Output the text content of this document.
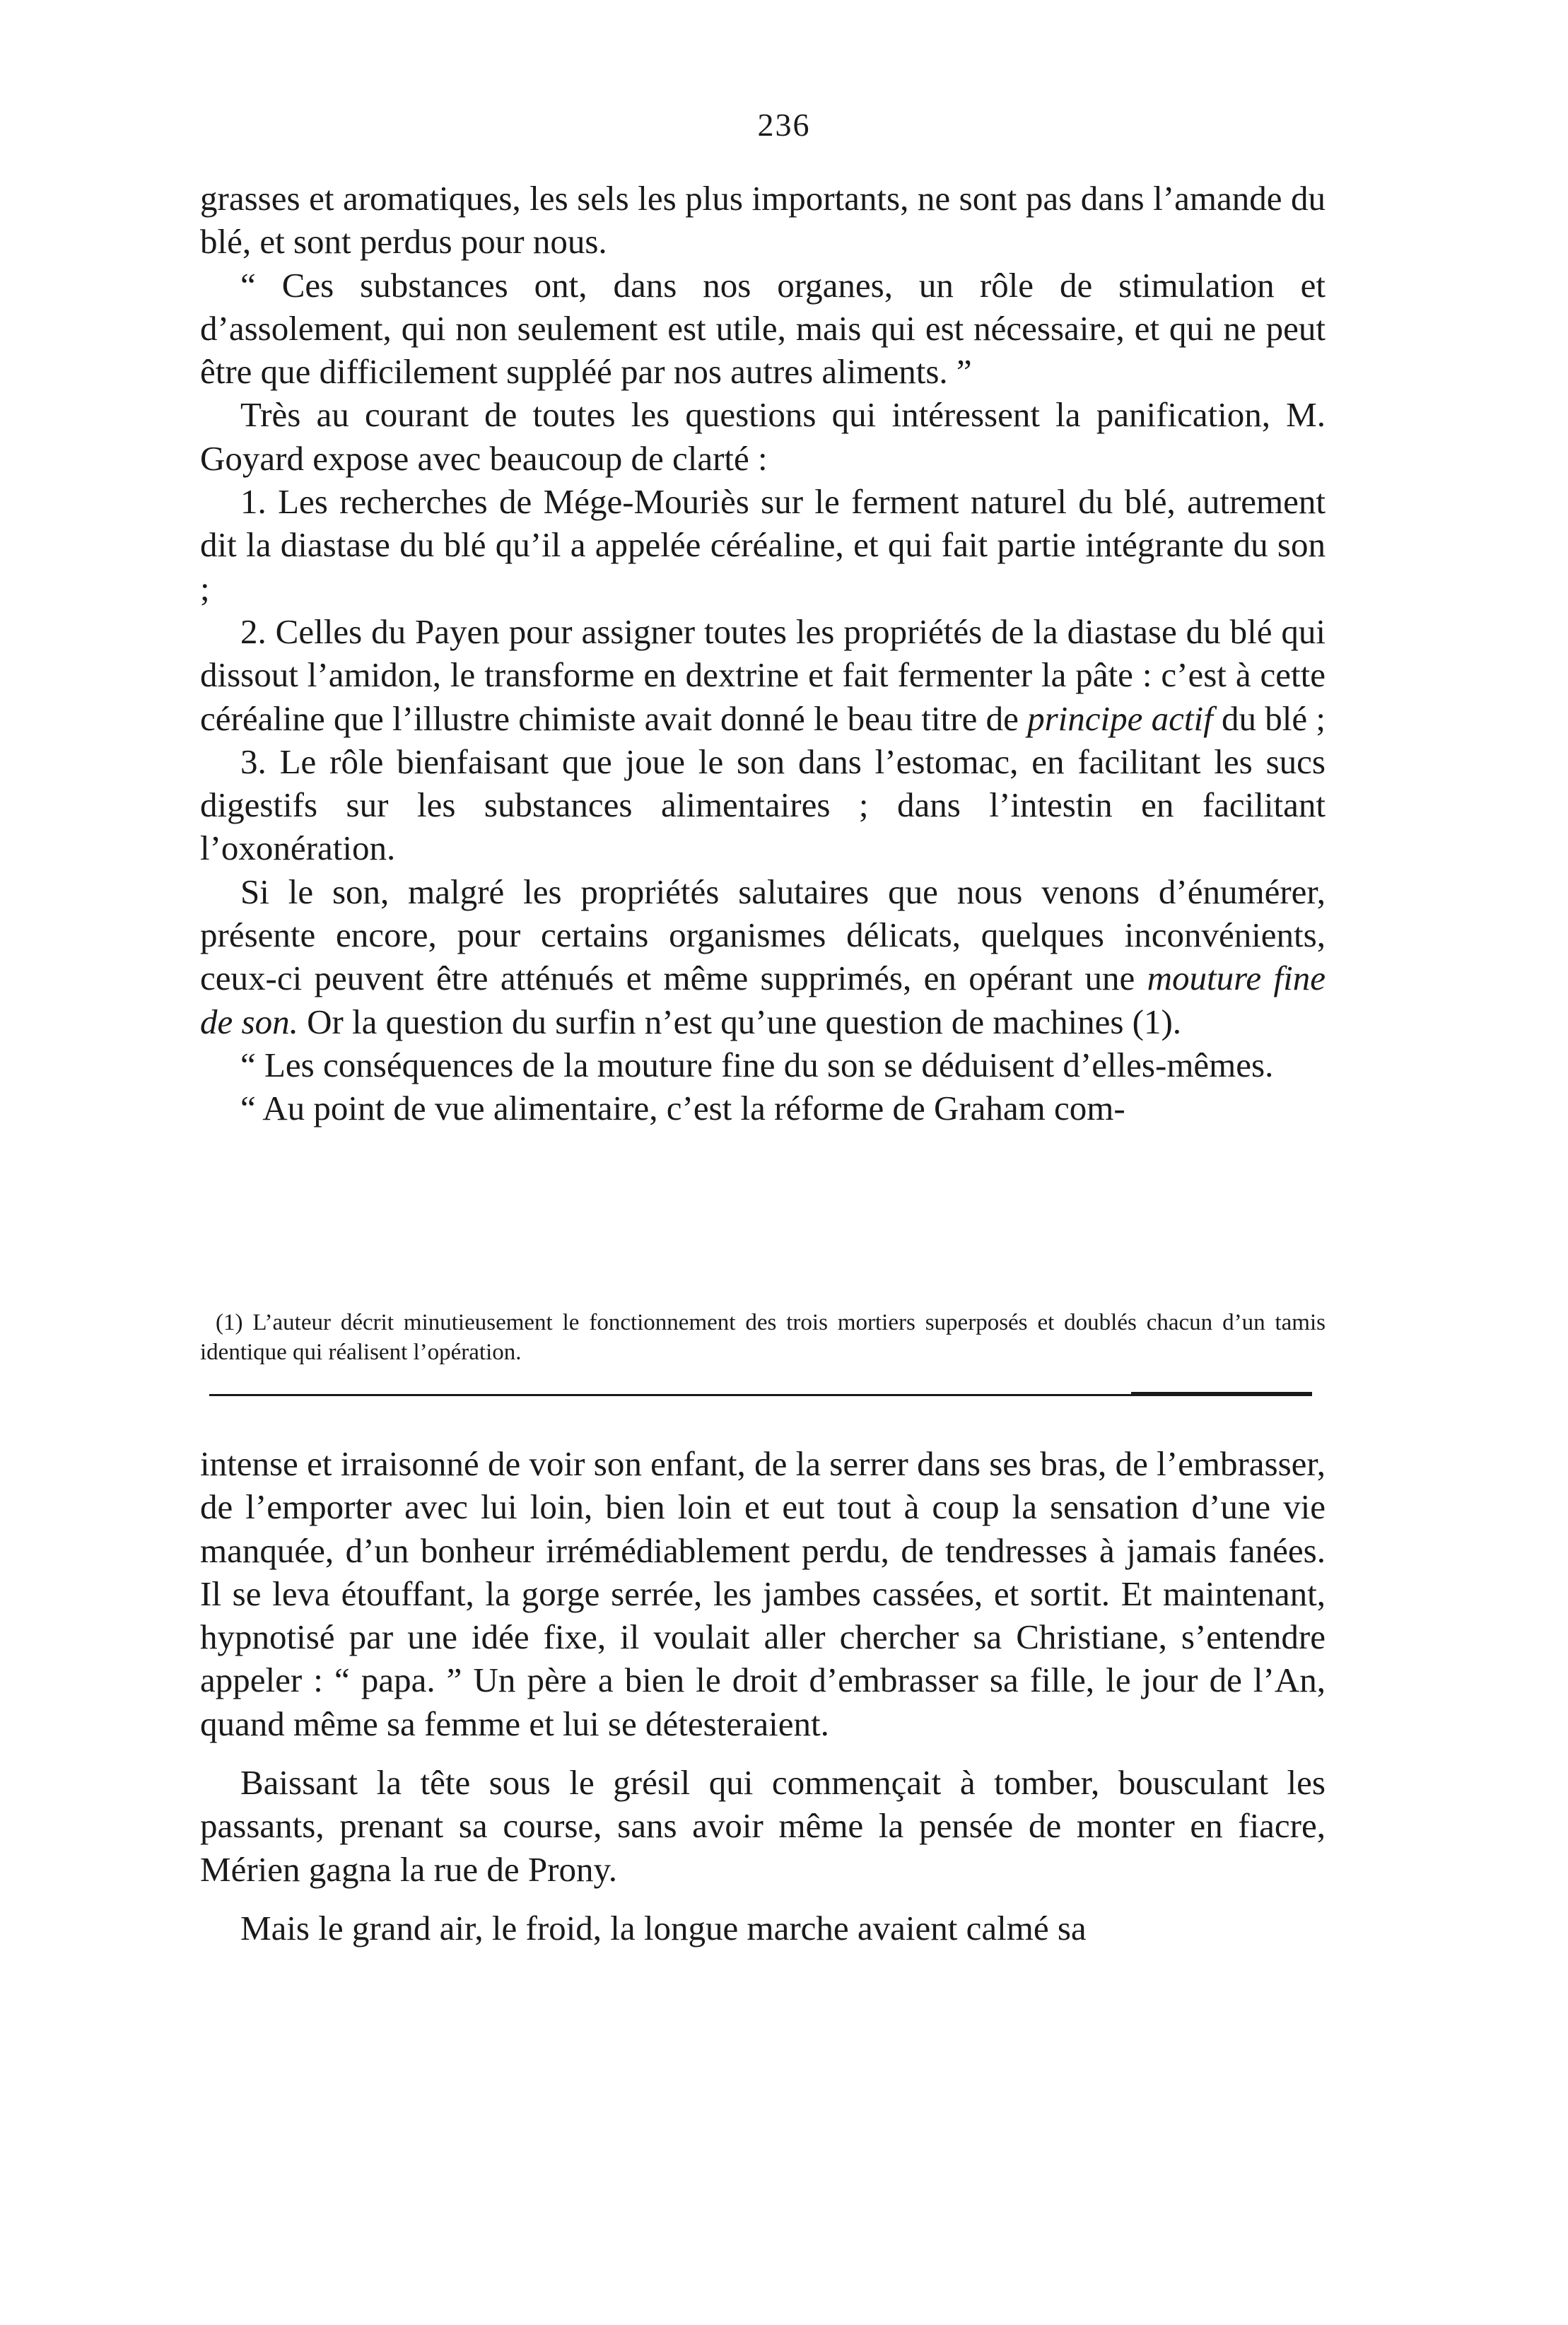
236

grasses et aromatiques, les sels les plus importants, ne sont pas dans l’amande du blé, et sont perdus pour nous.

“ Ces substances ont, dans nos organes, un rôle de stimulation et d’assolement, qui non seulement est utile, mais qui est nécessaire, et qui ne peut être que difficilement suppléé par nos autres aliments. ”

Très au courant de toutes les questions qui intéressent la panification, M. Goyard expose avec beaucoup de clarté :

1. Les recherches de Mége-Mouriès sur le ferment naturel du blé, autrement dit la diastase du blé qu’il a appelée céréaline, et qui fait partie intégrante du son ;

2. Celles du Payen pour assigner toutes les propriétés de la diastase du blé qui dissout l’amidon, le transforme en dextrine et fait fermenter la pâte : c’est à cette céréaline que l’illustre chimiste avait donné le beau titre de principe actif du blé ;

3. Le rôle bienfaisant que joue le son dans l’estomac, en facilitant les sucs digestifs sur les substances alimentaires ; dans l’intestin en facilitant l’oxonération.

Si le son, malgré les propriétés salutaires que nous venons d’énumérer, présente encore, pour certains organismes délicats, quelques inconvénients, ceux-ci peuvent être atténués et même supprimés, en opérant une mouture fine de son. Or la question du surfin n’est qu’une question de machines (1).

“ Les conséquences de la mouture fine du son se déduisent d’elles-mêmes.

“ Au point de vue alimentaire, c’est la réforme de Graham com-

(1) L’auteur décrit minutieusement le fonctionnement des trois mortiers superposés et doublés chacun d’un tamis identique qui réalisent l’opération.

intense et irraisonné de voir son enfant, de la serrer dans ses bras, de l’embrasser, de l’emporter avec lui loin, bien loin et eut tout à coup la sensation d’une vie manquée, d’un bonheur irrémédiablement perdu, de tendresses à jamais fanées. Il se leva étouffant, la gorge serrée, les jambes cassées, et sortit. Et maintenant, hypnotisé par une idée fixe, il voulait aller chercher sa Christiane, s’entendre appeler : “ papa. ” Un père a bien le droit d’embrasser sa fille, le jour de l’An, quand même sa femme et lui se détesteraient.

Baissant la tête sous le grésil qui commençait à tomber, bousculant les passants, prenant sa course, sans avoir même la pensée de monter en fiacre, Mérien gagna la rue de Prony.

Mais le grand air, le froid, la longue marche avaient calmé sa
